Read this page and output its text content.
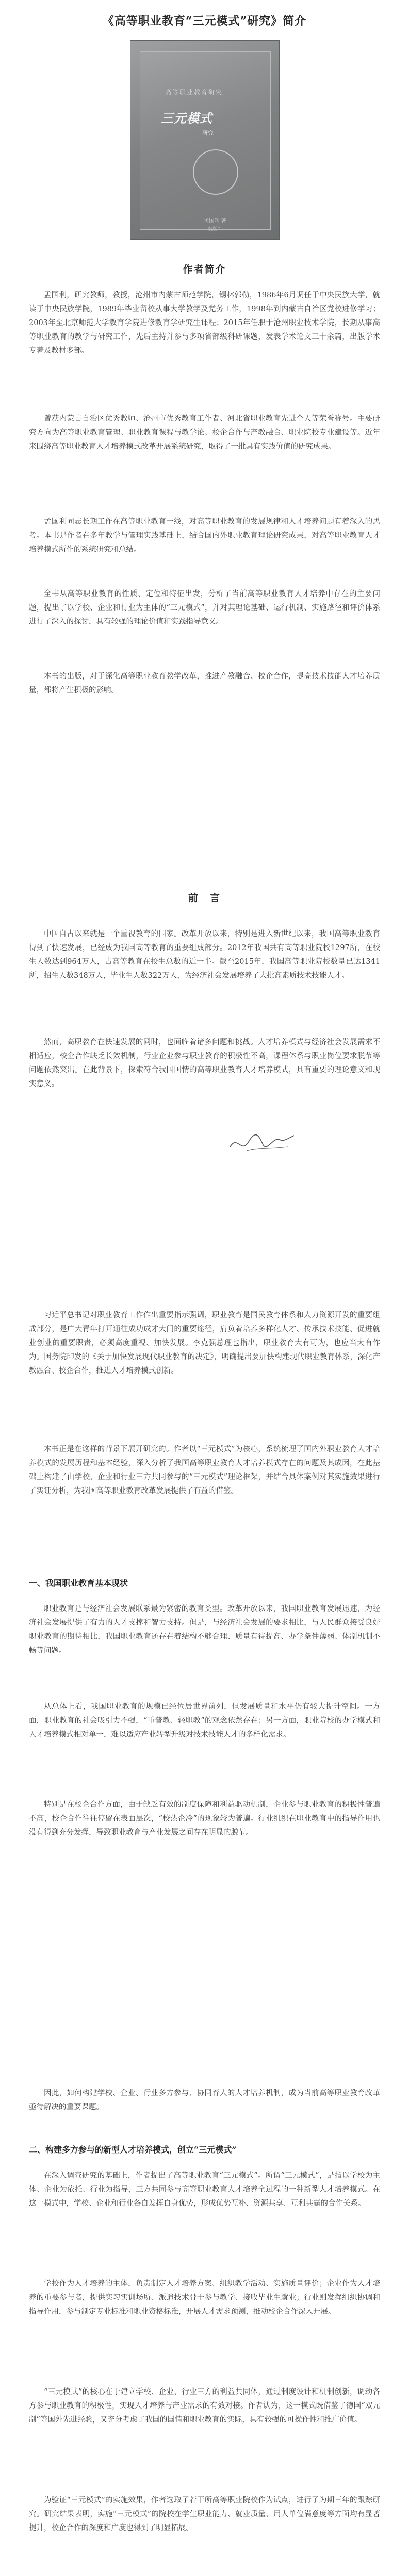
《高等职业教育“三元模式”研究》简介
高等职业教育研究
三元模式
研究
孟国利 著
出版社
作者简介

孟国利，研究教师，教授，沧州市内蒙古师范学院，锡林郭勒，1986年6月调任于中央民族大学，就读于中央民族学院，1989年毕业留校从事大学教学及党务工作，1998年到内蒙古自治区党校进修学习；2003年至北京师范大学教育学院进修教育学研究生课程；2015年任职于沧州职业技术学院，长期从事高等职业教育的教学与研究工作，先后主持并参与多项省部级科研课题，发表学术论文三十余篇，出版学术专著及教材多部。

曾获内蒙古自治区优秀教师、沧州市优秀教育工作者、河北省职业教育先进个人等荣誉称号。主要研究方向为高等职业教育管理、职业教育课程与教学论、校企合作与产教融合、职业院校专业建设等。近年来围绕高等职业教育人才培养模式改革开展系统研究，取得了一批具有实践价值的研究成果。

孟国利同志长期工作在高等职业教育一线，对高等职业教育的发展规律和人才培养问题有着深入的思考。本书是作者在多年教学与管理实践基础上，结合国内外职业教育理论研究成果，对高等职业教育人才培养模式所作的系统研究和总结。

全书从高等职业教育的性质、定位和特征出发，分析了当前高等职业教育人才培养中存在的主要问题，提出了以学校、企业和行业为主体的“三元模式”，并对其理论基础、运行机制、实施路径和评价体系进行了深入的探讨，具有较强的理论价值和实践指导意义。

本书的出版，对于深化高等职业教育教学改革，推进产教融合、校企合作，提高技术技能人才培养质量，都将产生积极的影响。

前　言

中国自古以来就是一个重视教育的国家。改革开放以来，特别是进入新世纪以来，我国高等职业教育得到了快速发展，已经成为我国高等教育的重要组成部分。2012年我国共有高等职业院校1297所，在校生人数达到964万人，占高等教育在校生总数的近一半。截至2015年，我国高等职业院校数量已达1341所，招生人数348万人，毕业生人数322万人，为经济社会发展培养了大批高素质技术技能人才。

然而，高职教育在快速发展的同时，也面临着诸多问题和挑战。人才培养模式与经济社会发展需求不相适应，校企合作缺乏长效机制，行业企业参与职业教育的积极性不高，课程体系与职业岗位要求脱节等问题依然突出。在此背景下，探索符合我国国情的高等职业教育人才培养模式，具有重要的理论意义和现实意义。

习近平总书记对职业教育工作作出重要指示强调，职业教育是国民教育体系和人力资源开发的重要组成部分，是广大青年打开通往成功成才大门的重要途径，肩负着培养多样化人才、传承技术技能、促进就业创业的重要职责，必须高度重视、加快发展。李克强总理也指出，职业教育大有可为，也应当大有作为。国务院印发的《关于加快发展现代职业教育的决定》，明确提出要加快构建现代职业教育体系，深化产教融合、校企合作，推进人才培养模式创新。

本书正是在这样的背景下展开研究的。作者以“三元模式”为核心，系统梳理了国内外职业教育人才培养模式的发展历程和基本经验，深入分析了我国高等职业教育人才培养模式存在的问题及其成因，在此基础上构建了由学校、企业和行业三方共同参与的“三元模式”理论框架，并结合具体案例对其实施效果进行了实证分析，为我国高等职业教育改革发展提供了有益的借鉴。

一、我国职业教育基本现状

职业教育是与经济社会发展联系最为紧密的教育类型。改革开放以来，我国职业教育发展迅速，为经济社会发展提供了有力的人才支撑和智力支持。但是，与经济社会发展的要求相比，与人民群众接受良好职业教育的期待相比，我国职业教育还存在着结构不够合理、质量有待提高、办学条件薄弱、体制机制不畅等问题。

从总体上看，我国职业教育的规模已经位居世界前列，但发展质量和水平仍有较大提升空间。一方面，职业教育的社会吸引力不强，“重普教、轻职教”的观念依然存在；另一方面，职业院校的办学模式和人才培养模式相对单一，难以适应产业转型升级对技术技能人才的多样化需求。

特别是在校企合作方面，由于缺乏有效的制度保障和利益驱动机制，企业参与职业教育的积极性普遍不高，校企合作往往停留在表面层次，“校热企冷”的现象较为普遍。行业组织在职业教育中的指导作用也没有得到充分发挥，导致职业教育与产业发展之间存在明显的脱节。

因此，如何构建学校、企业、行业多方参与、协同育人的人才培养机制，成为当前高等职业教育改革亟待解决的重要课题。

二、构建多方参与的新型人才培养模式，创立“三元模式”

在深入调查研究的基础上，作者提出了高等职业教育“三元模式”。所谓“三元模式”，是指以学校为主体、企业为依托、行业为指导，三方共同参与高等职业教育人才培养全过程的一种新型人才培养模式。在这一模式中，学校、企业和行业各自发挥自身优势，形成优势互补、资源共享、互利共赢的合作关系。

学校作为人才培养的主体，负责制定人才培养方案、组织教学活动、实施质量评价；企业作为人才培养的重要参与者，提供实习实训场所、派遣技术骨干参与教学、接收毕业生就业；行业则发挥组织协调和指导作用，参与制定专业标准和职业资格标准，开展人才需求预测，推动校企合作深入开展。

“三元模式”的核心在于建立学校、企业、行业三方的利益共同体，通过制度设计和机制创新，调动各方参与职业教育的积极性，实现人才培养与产业需求的有效对接。作者认为，这一模式既借鉴了德国“双元制”等国外先进经验，又充分考虑了我国的国情和职业教育的实际，具有较强的可操作性和推广价值。

为验证“三元模式”的实施效果，作者选取了若干所高等职业院校作为试点，进行了为期三年的跟踪研究。研究结果表明，实施“三元模式”的院校在学生职业能力、就业质量、用人单位满意度等方面均有显著提升，校企合作的深度和广度也得到了明显拓展。
